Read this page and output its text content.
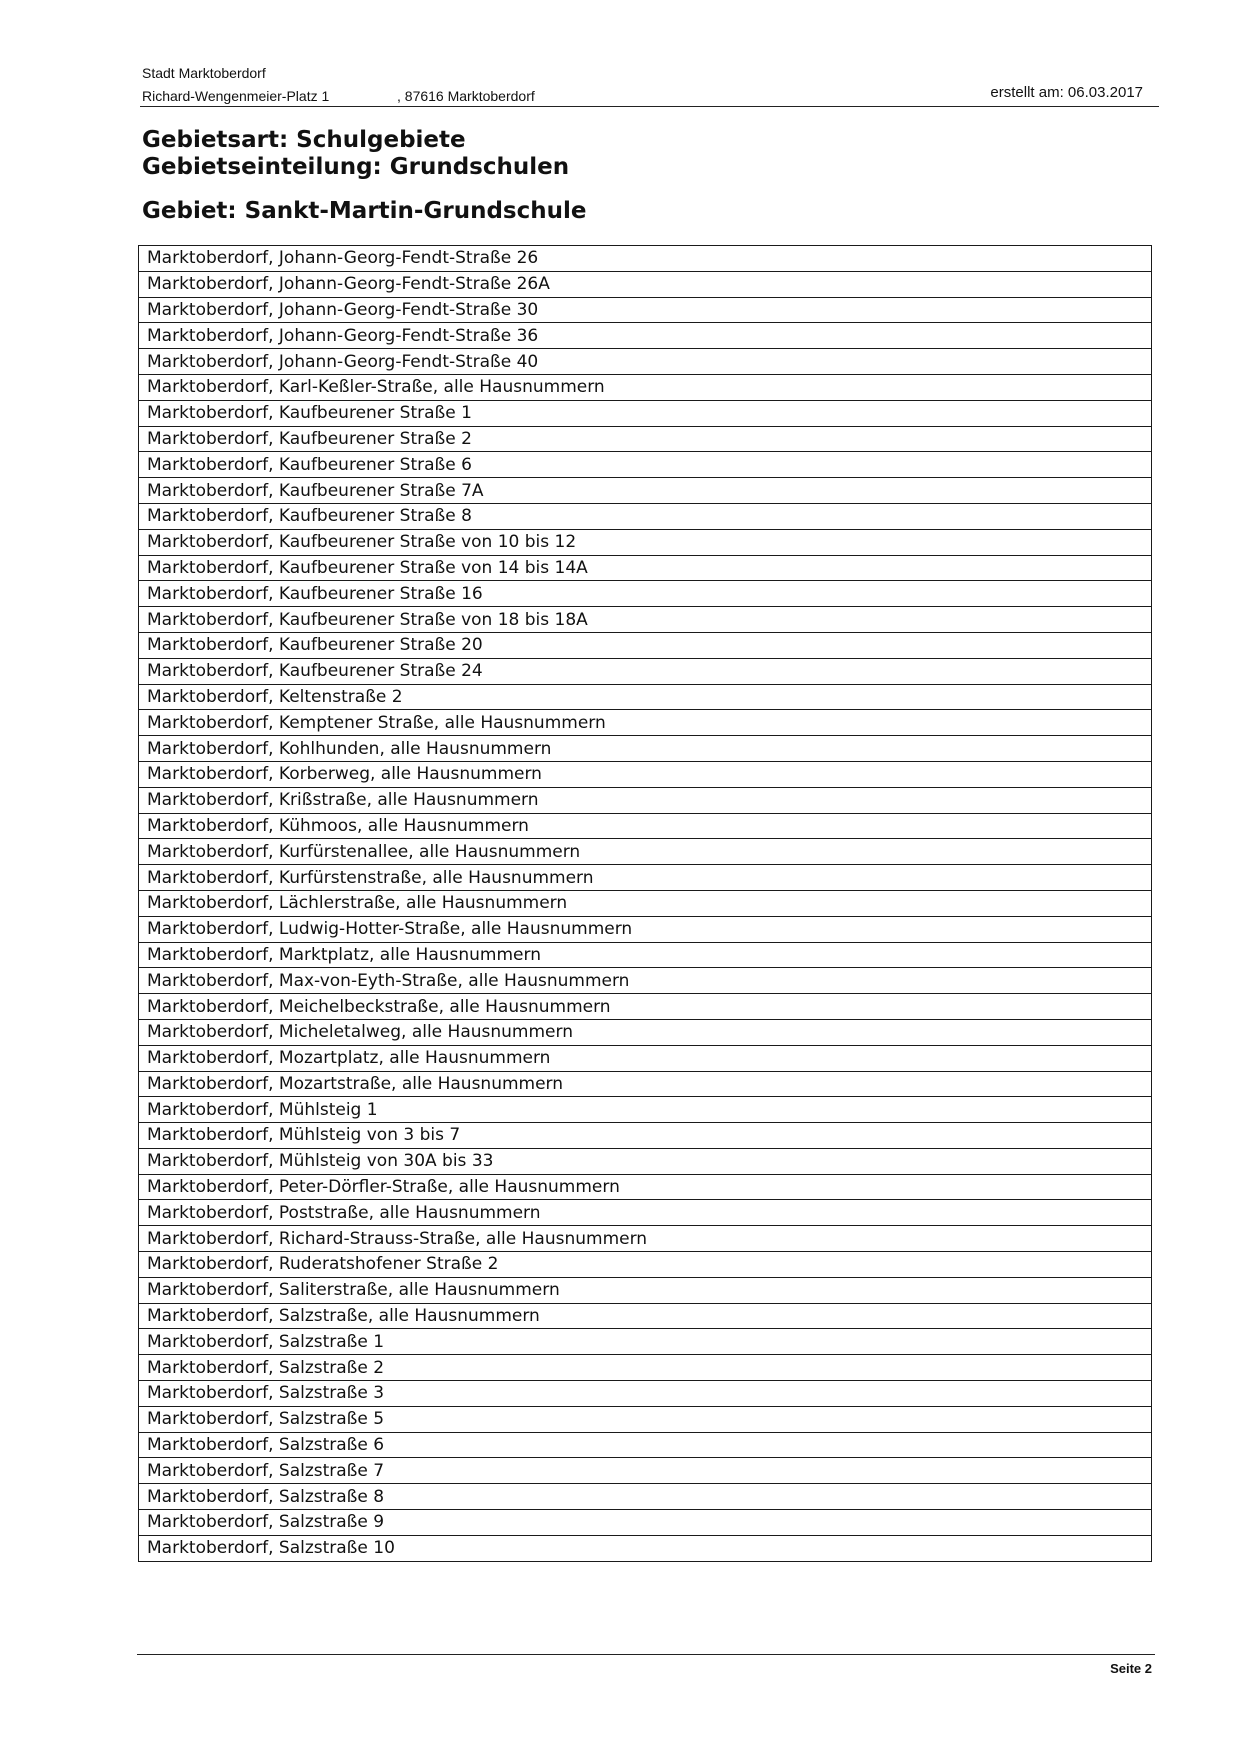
Stadt Marktoberdorf
Richard-Wengenmeier-Platz 1	, 87616 Marktoberdorf	erstellt am: 06.03.2017
Gebietsart: Schulgebiete
Gebietseinteilung: Grundschulen
Gebiet: Sankt-Martin-Grundschule
Marktoberdorf, Johann-Georg-Fendt-Straße 26
Marktoberdorf, Johann-Georg-Fendt-Straße 26A
Marktoberdorf, Johann-Georg-Fendt-Straße 30
Marktoberdorf, Johann-Georg-Fendt-Straße 36
Marktoberdorf, Johann-Georg-Fendt-Straße 40
Marktoberdorf, Karl-Keßler-Straße, alle Hausnummern
Marktoberdorf, Kaufbeurener Straße 1
Marktoberdorf, Kaufbeurener Straße 2
Marktoberdorf, Kaufbeurener Straße 6
Marktoberdorf, Kaufbeurener Straße 7A
Marktoberdorf, Kaufbeurener Straße 8
Marktoberdorf, Kaufbeurener Straße von 10 bis 12
Marktoberdorf, Kaufbeurener Straße von 14 bis 14A
Marktoberdorf, Kaufbeurener Straße 16
Marktoberdorf, Kaufbeurener Straße von 18 bis 18A
Marktoberdorf, Kaufbeurener Straße 20
Marktoberdorf, Kaufbeurener Straße 24
Marktoberdorf, Keltenstraße 2
Marktoberdorf, Kemptener Straße, alle Hausnummern
Marktoberdorf, Kohlhunden, alle Hausnummern
Marktoberdorf, Korberweg, alle Hausnummern
Marktoberdorf, Krißstraße, alle Hausnummern
Marktoberdorf, Kühmoos, alle Hausnummern
Marktoberdorf, Kurfürstenallee, alle Hausnummern
Marktoberdorf, Kurfürstenstraße, alle Hausnummern
Marktoberdorf, Lächlerstraße, alle Hausnummern
Marktoberdorf, Ludwig-Hotter-Straße, alle Hausnummern
Marktoberdorf, Marktplatz, alle Hausnummern
Marktoberdorf, Max-von-Eyth-Straße, alle Hausnummern
Marktoberdorf, Meichelbeckstraße, alle Hausnummern
Marktoberdorf, Micheletalweg, alle Hausnummern
Marktoberdorf, Mozartplatz, alle Hausnummern
Marktoberdorf, Mozartstraße, alle Hausnummern
Marktoberdorf, Mühlsteig 1
Marktoberdorf, Mühlsteig von 3 bis 7
Marktoberdorf, Mühlsteig von 30A bis 33
Marktoberdorf, Peter-Dörfler-Straße, alle Hausnummern
Marktoberdorf, Poststraße, alle Hausnummern
Marktoberdorf, Richard-Strauss-Straße, alle Hausnummern
Marktoberdorf, Ruderatshofener Straße 2
Marktoberdorf, Saliterstraße, alle Hausnummern
Marktoberdorf, Salzstraße, alle Hausnummern
Marktoberdorf, Salzstraße 1
Marktoberdorf, Salzstraße 2
Marktoberdorf, Salzstraße 3
Marktoberdorf, Salzstraße 5
Marktoberdorf, Salzstraße 6
Marktoberdorf, Salzstraße 7
Marktoberdorf, Salzstraße 8
Marktoberdorf, Salzstraße 9
Marktoberdorf, Salzstraße 10
Seite 2
